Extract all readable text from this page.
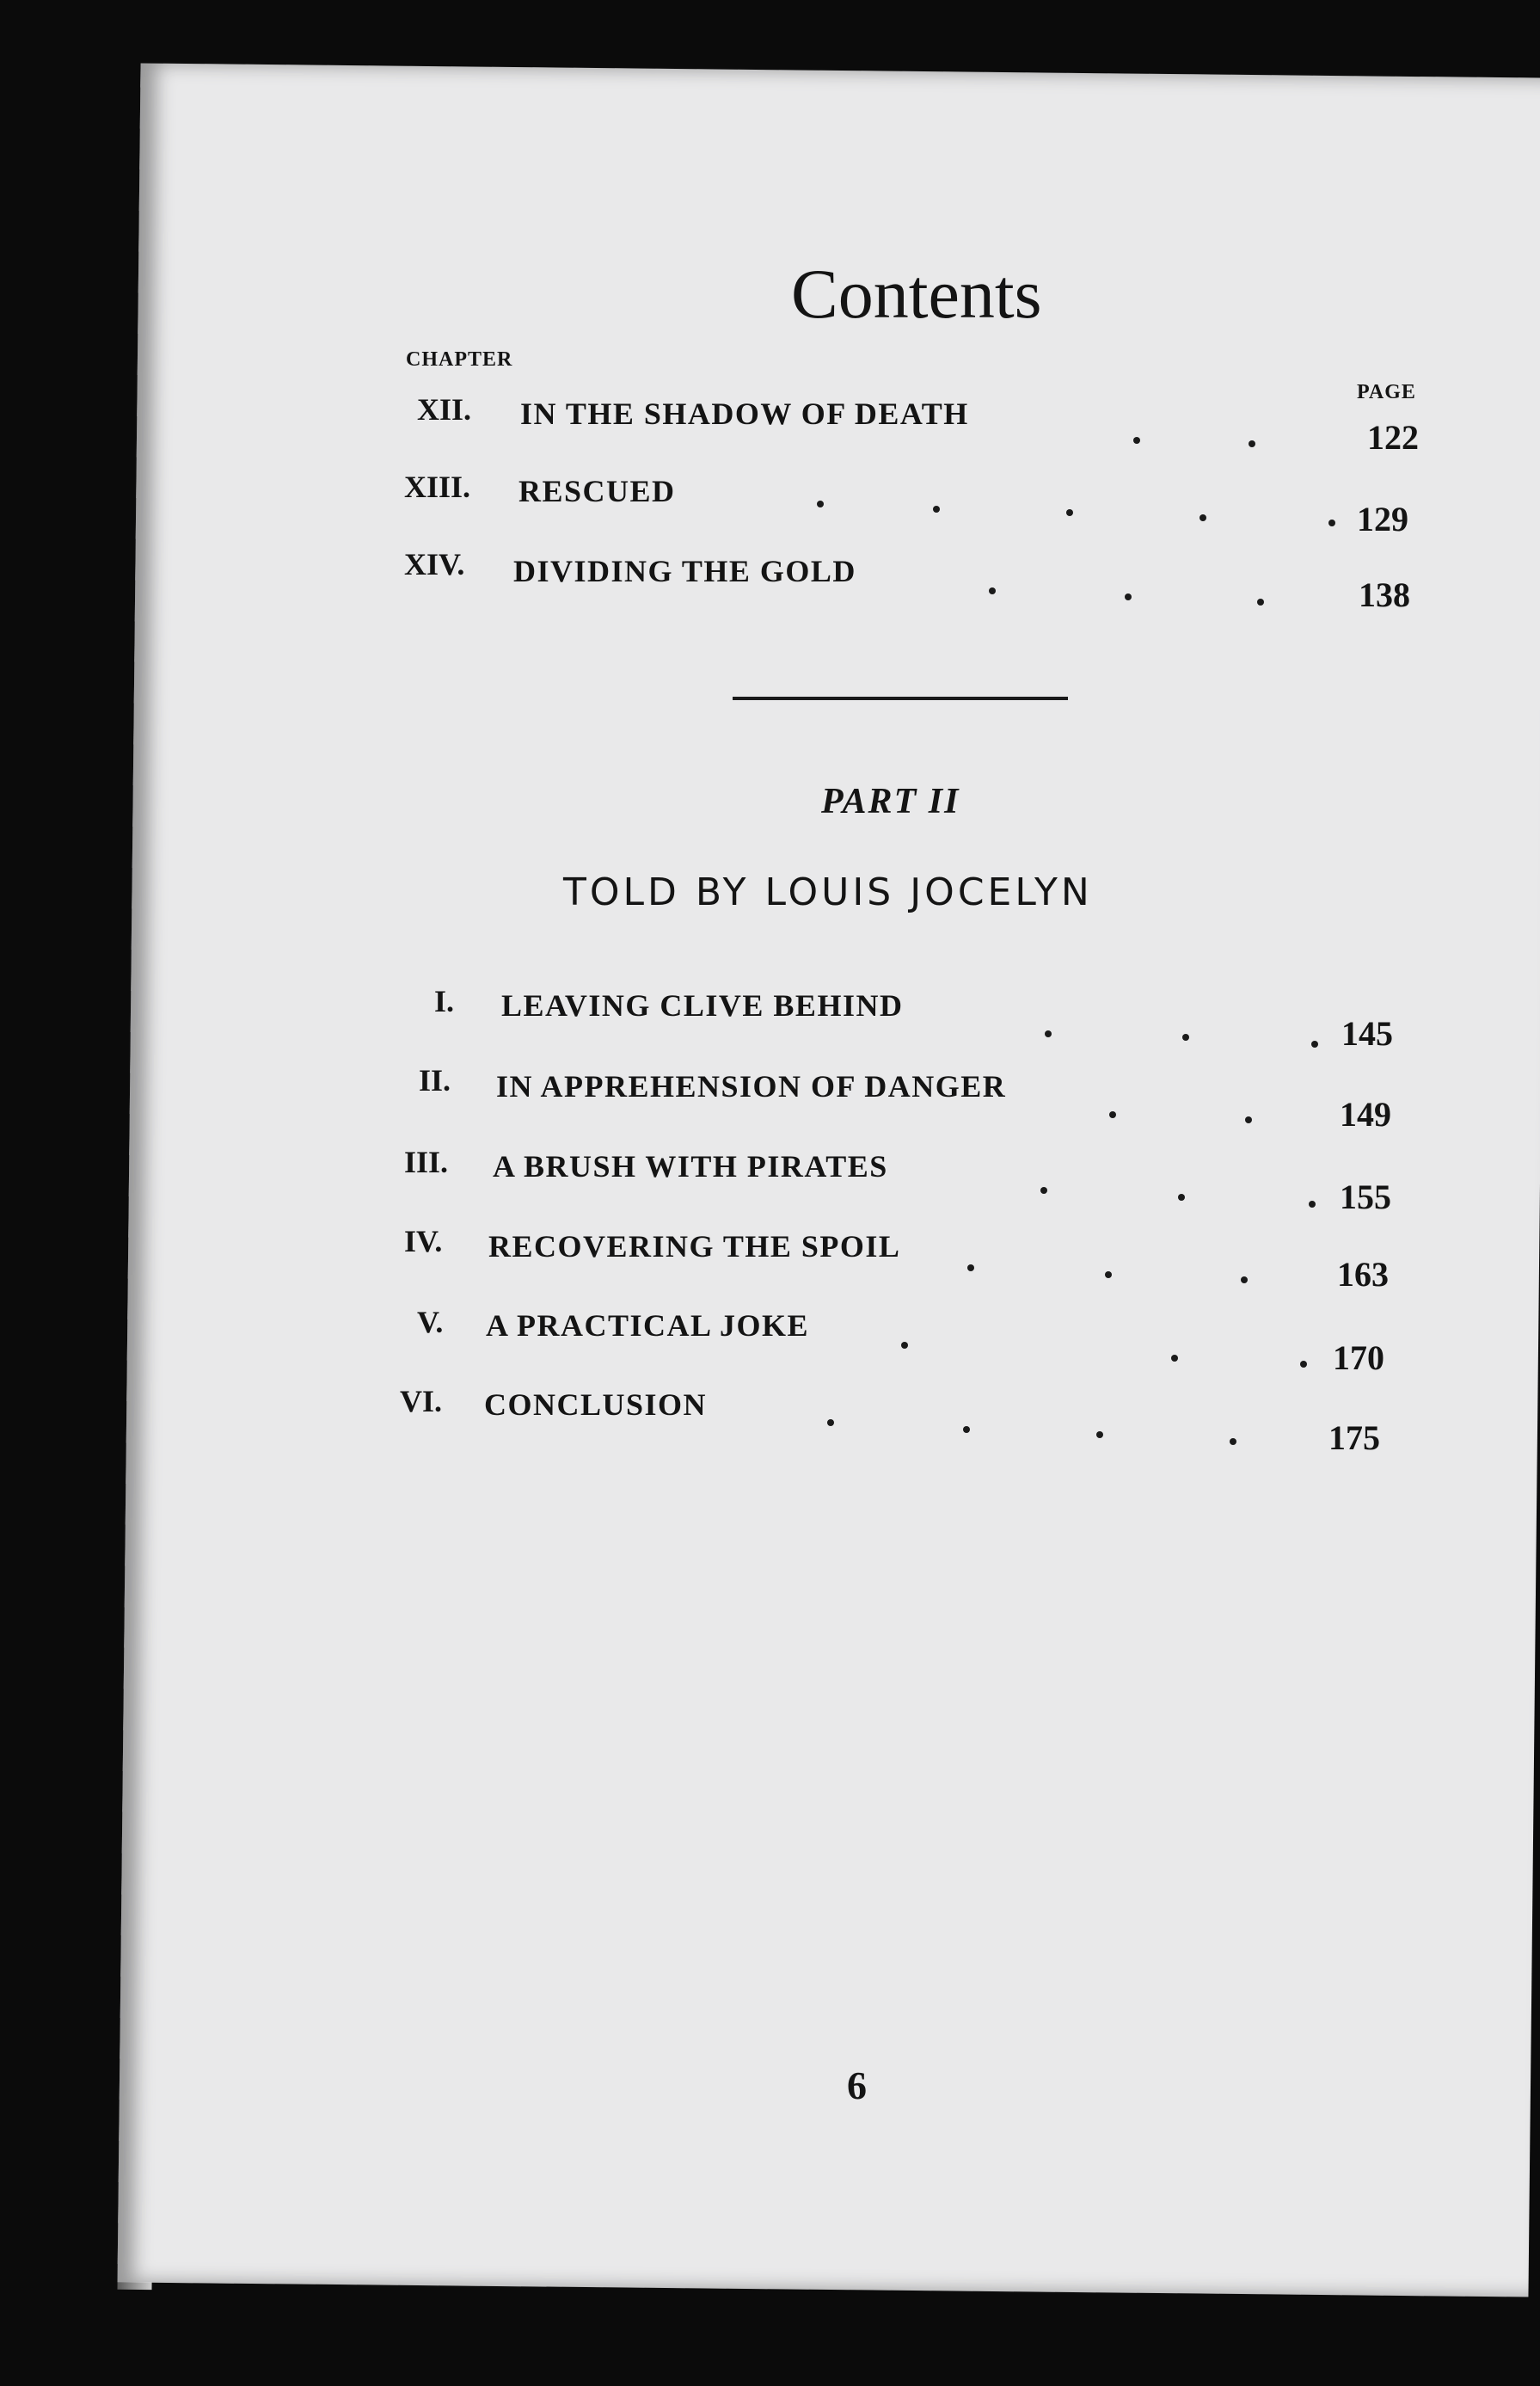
Contents
CHAPTER
PAGE
XII. IN THE SHADOW OF DEATH
122
XIII. RESCUED
129
XIV. DIVIDING THE GOLD
138
PART II
TOLD BY LOUIS JOCELYN
I. LEAVING CLIVE BEHIND
145
II. IN APPREHENSION OF DANGER
149
III. A BRUSH WITH PIRATES
155
IV. RECOVERING THE SPOIL
163
V. A PRACTICAL JOKE
170
VI. CONCLUSION
175
6
